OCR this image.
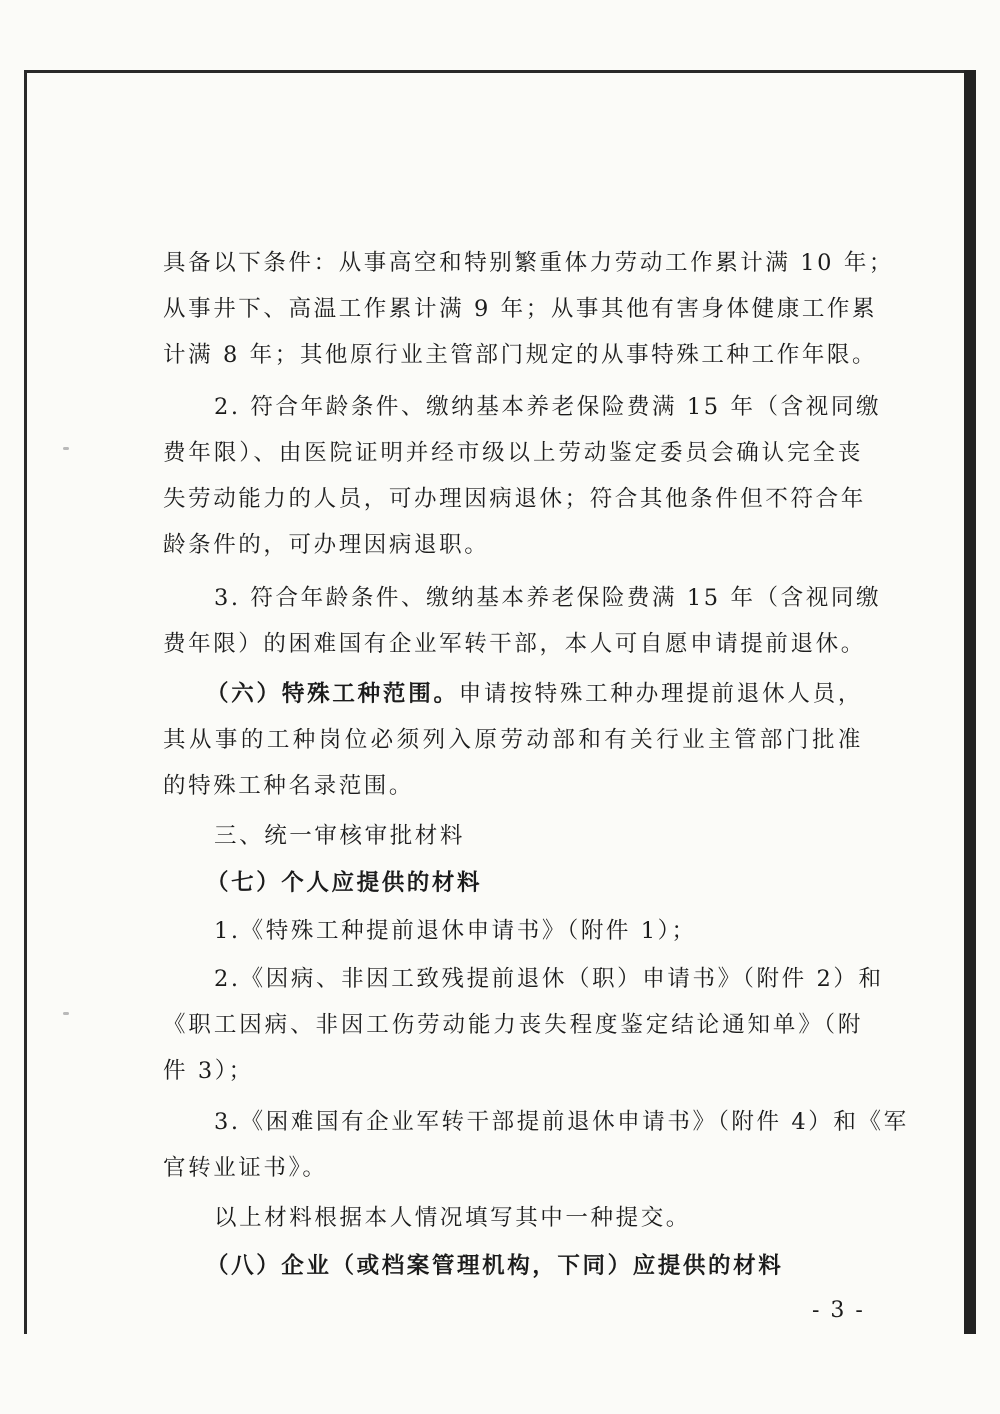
具备以下条件：从事高空和特别繁重体力劳动工作累计满 10 年；
从事井下、高温工作累计满 9 年；从事其他有害身体健康工作累
计满 8 年；其他原行业主管部门规定的从事特殊工种工作年限。
2. 符合年龄条件、缴纳基本养老保险费满 15 年（含视同缴
费年限）、由医院证明并经市级以上劳动鉴定委员会确认完全丧
失劳动能力的人员，可办理因病退休；符合其他条件但不符合年
龄条件的，可办理因病退职。
3. 符合年龄条件、缴纳基本养老保险费满 15 年（含视同缴
费年限）的困难国有企业军转干部，本人可自愿申请提前退休。
（六）特殊工种范围。申请按特殊工种办理提前退休人员，
其从事的工种岗位必须列入原劳动部和有关行业主管部门批准
的特殊工种名录范围。
三、统一审核审批材料
（七）个人应提供的材料
1.《特殊工种提前退休申请书》（附件 1）；
2.《因病、非因工致残提前退休（职）申请书》（附件 2）和
《职工因病、非因工伤劳动能力丧失程度鉴定结论通知单》（附
件 3）；
3.《困难国有企业军转干部提前退休申请书》（附件 4）和《军
官转业证书》。
以上材料根据本人情况填写其中一种提交。
（八）企业（或档案管理机构，下同）应提供的材料
- 3 -
